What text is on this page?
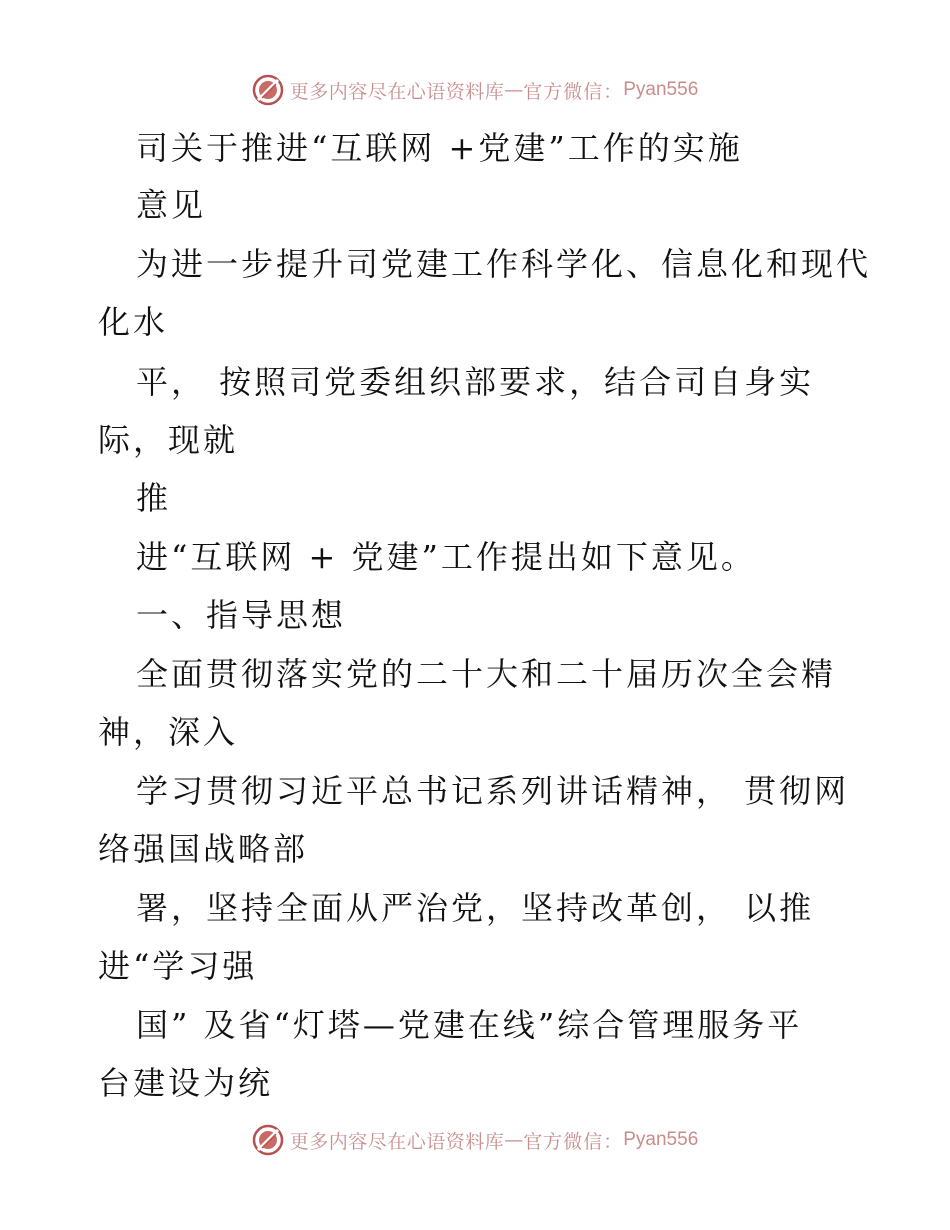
更多内容尽在心语资料库 — 官方微信： Pyan556
司关于推进“互联网 +党建”工作的实施
意见
为进一步提升司党建工作科学化、信息化和现代
化水
平， 按照司党委组织部要求，结合司自身实
际，现就
推
进“互联网 + 党建”工作提出如下意见。
一、指导思想
全面贯彻落实党的二十大和二十届历次全会精
神，深入
学习贯彻习近平总书记系列讲话精神， 贯彻网
络强国战略部
署，坚持全面从严治党，坚持改革创， 以推
进“学习强
国” 及省“灯塔—党建在线”综合管理服务平
台建设为统
更多内容尽在心语资料库 — 官方微信： Pyan556
